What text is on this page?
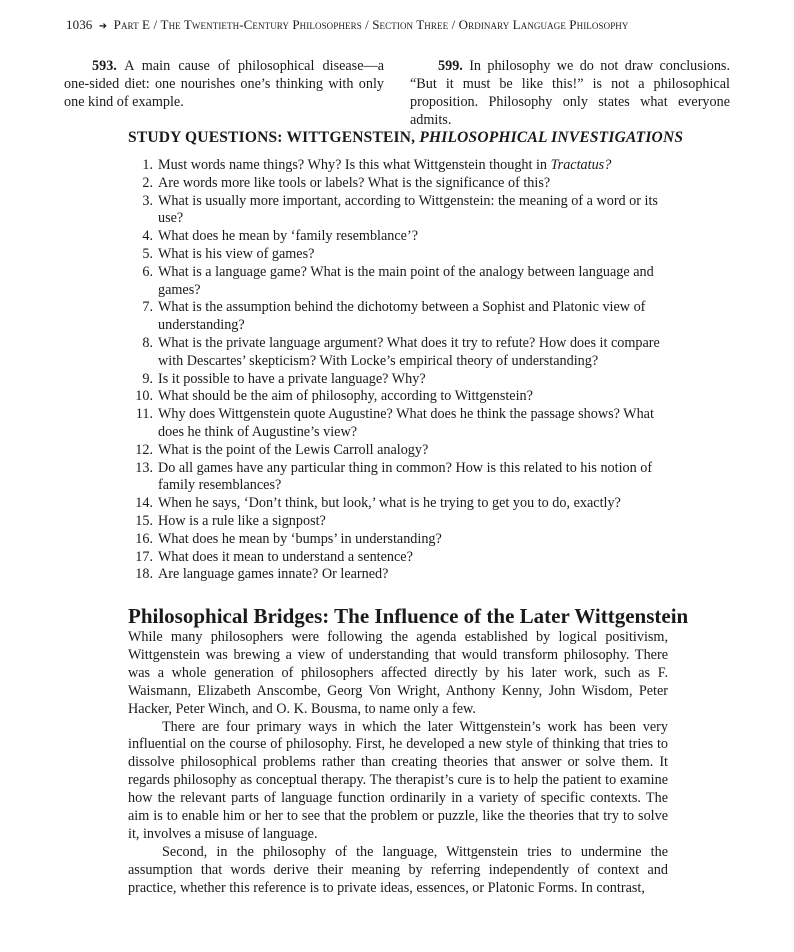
1036 ➜ Part E / The Twentieth-Century Philosophers / Section Three / Ordinary Language Philosophy

593. A main cause of philosophical disease—a one-sided diet: one nourishes one’s thinking with only one kind of example.

599. In philosophy we do not draw conclusions. “But it must be like this!” is not a philosophical proposition. Philosophy only states what everyone admits.

STUDY QUESTIONS: WITTGENSTEIN, PHILOSOPHICAL INVESTIGATIONS
1. Must words name things? Why? Is this what Wittgenstein thought in Tractatus?
2. Are words more like tools or labels? What is the significance of this?
3. What is usually more important, according to Wittgenstein: the meaning of a word or its use?
4. What does he mean by ‘family resemblance’?
5. What is his view of games?
6. What is a language game? What is the main point of the analogy between language and games?
7. What is the assumption behind the dichotomy between a Sophist and Platonic view of understanding?
8. What is the private language argument? What does it try to refute? How does it compare with Descartes’ skepticism? With Locke’s empirical theory of understanding?
9. Is it possible to have a private language? Why?
10. What should be the aim of philosophy, according to Wittgenstein?
11. Why does Wittgenstein quote Augustine? What does he think the passage shows? What does he think of Augustine’s view?
12. What is the point of the Lewis Carroll analogy?
13. Do all games have any particular thing in common? How is this related to his notion of family resemblances?
14. When he says, ‘Don’t think, but look,’ what is he trying to get you to do, exactly?
15. How is a rule like a signpost?
16. What does he mean by ‘bumps’ in understanding?
17. What does it mean to understand a sentence?
18. Are language games innate? Or learned?
Philosophical Bridges: The Influence of the Later Wittgenstein

While many philosophers were following the agenda established by logical positivism, Wittgenstein was brewing a view of understanding that would transform philosophy. There was a whole generation of philosophers affected directly by his later work, such as F. Waismann, Elizabeth Anscombe, Georg Von Wright, Anthony Kenny, John Wisdom, Peter Hacker, Peter Winch, and O. K. Bousma, to name only a few.

There are four primary ways in which the later Wittgenstein’s work has been very influential on the course of philosophy. First, he developed a new style of thinking that tries to dissolve philosophical problems rather than creating theories that answer or solve them. It regards philosophy as conceptual therapy. The therapist’s cure is to help the patient to examine how the relevant parts of language function ordinarily in a variety of specific contexts. The aim is to enable him or her to see that the problem or puzzle, like the theories that try to solve it, involves a misuse of language.

Second, in the philosophy of the language, Wittgenstein tries to undermine the assumption that words derive their meaning by referring independently of context and practice, whether this reference is to private ideas, essences, or Platonic Forms. In contrast,
